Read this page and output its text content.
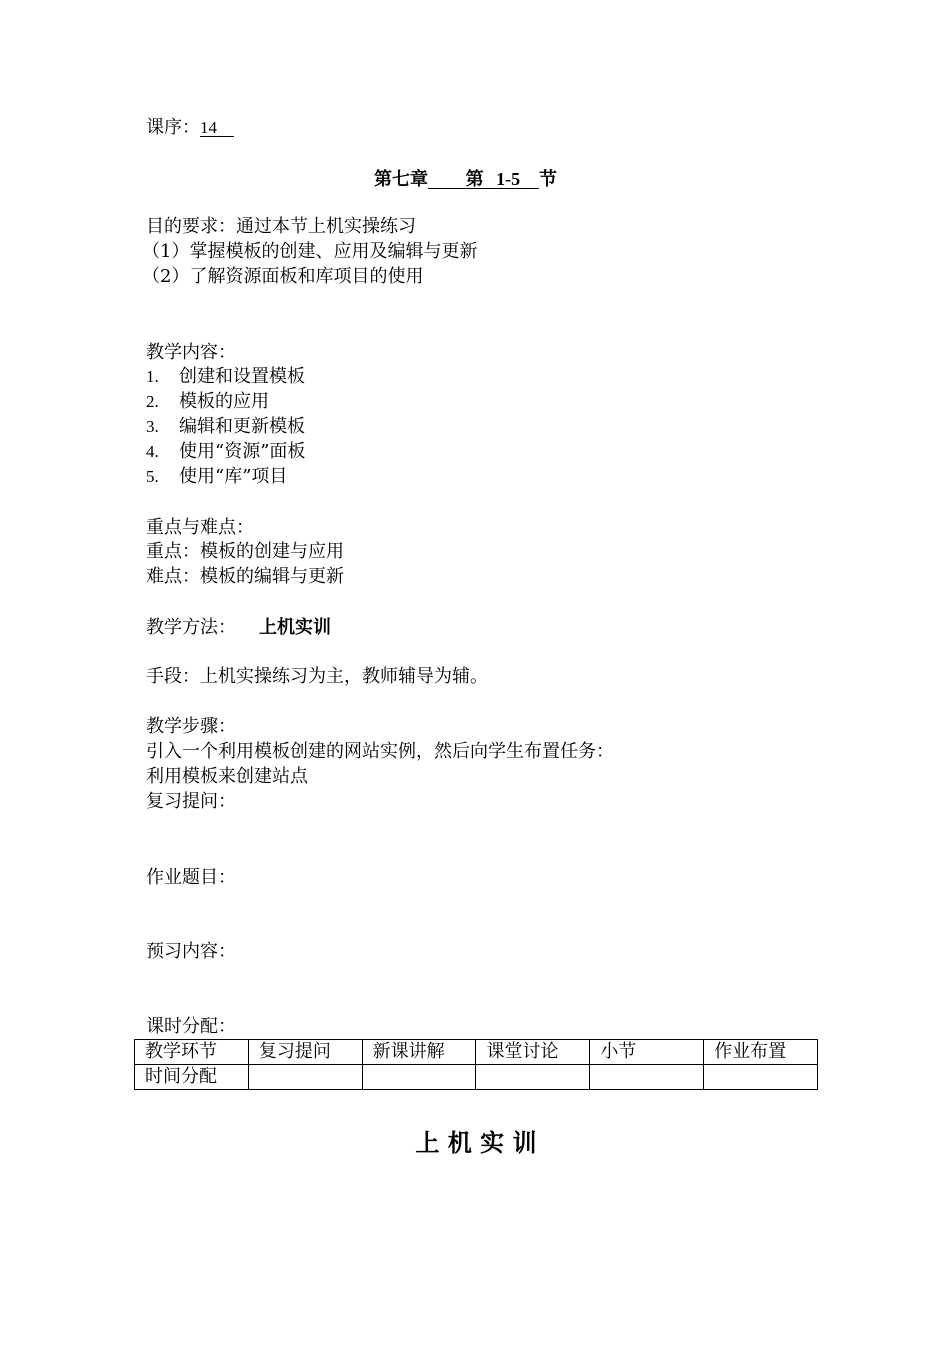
课序：14
第七章 第 1-5 节
目的要求：通过本节上机实操练习
（1）掌握模板的创建、应用及编辑与更新
（2）了解资源面板和库项目的使用
教学内容：
1. 创建和设置模板
2. 模板的应用
3. 编辑和更新模板
4. 使用“资源”面板
5. 使用“库”项目
重点与难点：
重点：模板的创建与应用
难点：模板的编辑与更新
教学方法： 上机实训
手段：上机实操练习为主，教师辅导为辅。
教学步骤：
引入一个利用模板创建的网站实例，然后向学生布置任务：
利用模板来创建站点
复习提问：
作业题目：
预习内容：
课时分配：
教学环节	复习提问	新课讲解	课堂讨论	小节	作业布置
时间分配					
上 机 实 训
